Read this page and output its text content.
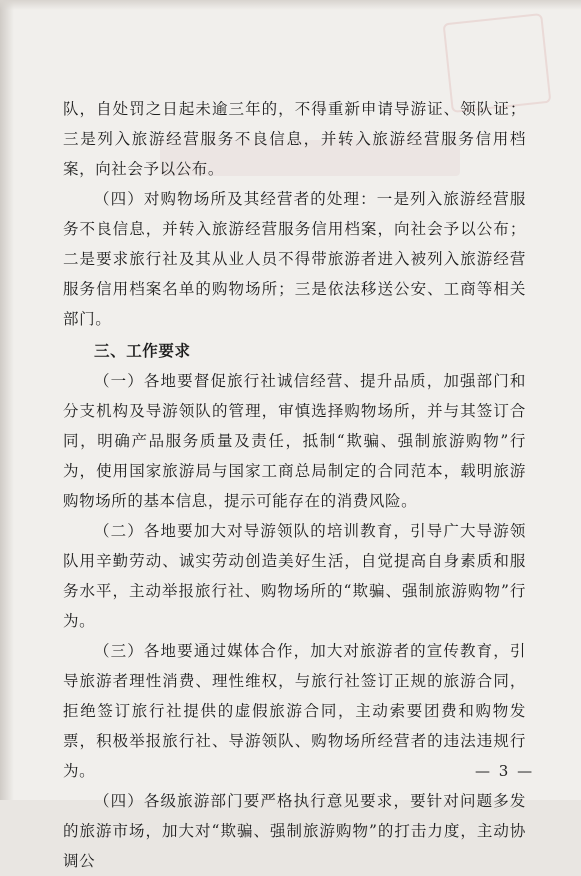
队，自处罚之日起未逾三年的，不得重新申请导游证、领队证；三是列入旅游经营服务不良信息，并转入旅游经营服务信用档案，向社会予以公布。

（四）对购物场所及其经营者的处理：一是列入旅游经营服务不良信息，并转入旅游经营服务信用档案，向社会予以公布；二是要求旅行社及其从业人员不得带旅游者进入被列入旅游经营服务信用档案名单的购物场所；三是依法移送公安、工商等相关部门。

三、工作要求

（一）各地要督促旅行社诚信经营、提升品质，加强部门和分支机构及导游领队的管理，审慎选择购物场所，并与其签订合同，明确产品服务质量及责任，抵制“欺骗、强制旅游购物”行为，使用国家旅游局与国家工商总局制定的合同范本，载明旅游购物场所的基本信息，提示可能存在的消费风险。

（二）各地要加大对导游领队的培训教育，引导广大导游领队用辛勤劳动、诚实劳动创造美好生活，自觉提高自身素质和服务水平，主动举报旅行社、购物场所的“欺骗、强制旅游购物”行为。

（三）各地要通过媒体合作，加大对旅游者的宣传教育，引导旅游者理性消费、理性维权，与旅行社签订正规的旅游合同，拒绝签订旅行社提供的虚假旅游合同，主动索要团费和购物发票，积极举报旅行社、导游领队、购物场所经营者的违法违规行为。

（四）各级旅游部门要严格执行意见要求，要针对问题多发的旅游市场，加大对“欺骗、强制旅游购物”的打击力度，主动协调公

— 3 —
